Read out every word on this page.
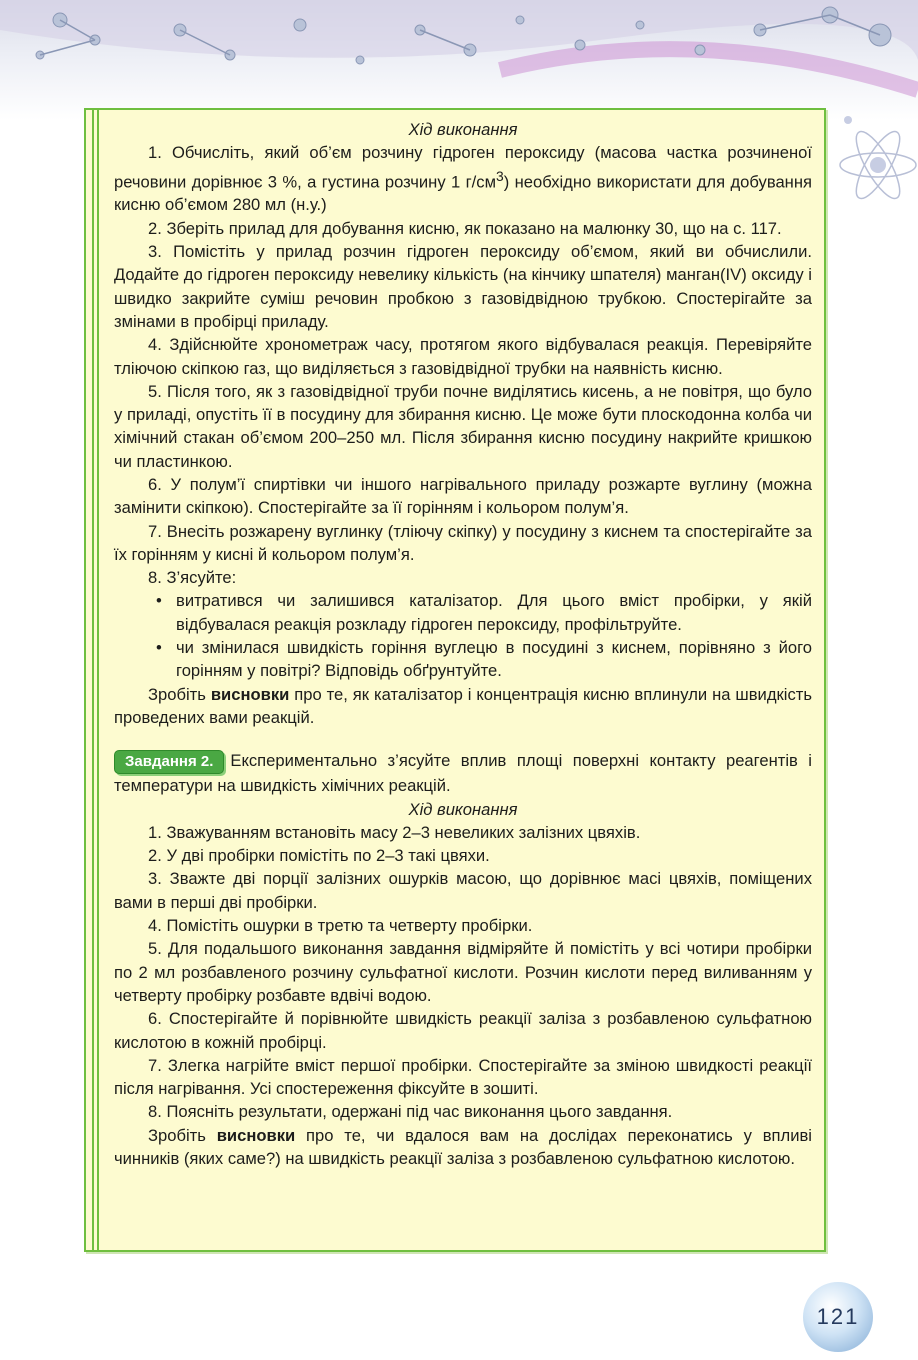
Хід виконання

1. Обчисліть, який об’єм розчину гідроген пероксиду (масова частка розчиненої речовини дорівнює 3 %, а густина розчину 1 $г/см^3$) необхідно використати для добування кисню об’ємом 280 мл (н.у.)

2. Зберіть прилад для добування кисню, як показано на малюнку 30, що на с. 117.

3. Помістіть у прилад розчин гідроген пероксиду об’ємом, який ви обчислили. Додайте до гідроген пероксиду невелику кількість (на кінчику шпателя) манган(IV) оксиду і швидко закрийте суміш речовин пробкою з газовідвідною трубкою. Спостерігайте за змінами в пробірці приладу.

4. Здійснюйте хронометраж часу, протягом якого відбувалася реакція. Перевіряйте тліючою скіпкою газ, що виділяється з газовідвідної трубки на наявність кисню.

5. Після того, як з газовідвідної труби почне виділятись кисень, а не повітря, що було у приладі, опустіть її в посудину для збирання кисню. Це може бути плоскодонна колба чи хімічний стакан об’ємом 200–250 мл. Після збирання кисню посудину накрийте кришкою чи пластинкою.

6. У полум’ї спиртівки чи іншого нагрівального приладу розжарте вуглину (можна замінити скіпкою). Спостерігайте за її горінням і кольором полум’я.

7. Внесіть розжарену вуглинку (тліючу скіпку) у посудину з киснем та спостерігайте за їх горінням у кисні й кольором полум’я.

8. З’ясуйте:

• витратився чи залишився каталізатор. Для цього вміст пробірки, у якій відбувалася реакція розкладу гідроген пероксиду, профільтруйте.

• чи змінилася швидкість горіння вуглецю в посудині з киснем, порівняно з його горінням у повітрі? Відповідь обґрунтуйте.

Зробіть висновки про те, як каталізатор і концентрація кисню вплинули на швидкість проведених вами реакцій.

Завдання 2. Експериментально з’ясуйте вплив площі поверхні контакту реагентів і температури на швидкість хімічних реакцій.

Хід виконання

1. Зважуванням встановіть масу 2–3 невеликих залізних цвяхів.

2. У дві пробірки помістіть по 2–3 такі цвяхи.

3. Зважте дві порції залізних ошурків масою, що дорівнює масі цвяхів, поміщених вами в перші дві пробірки.

4. Помістіть ошурки в третю та четверту пробірки.

5. Для подальшого виконання завдання відміряйте й помістіть у всі чотири пробірки по 2 мл розбавленого розчину сульфатної кислоти. Розчин кислоти перед виливанням у четверту пробірку розбавте вдвічі водою.

6. Спостерігайте й порівнюйте швидкість реакції заліза з розбавленою сульфатною кислотою в кожній пробірці.

7. Злегка нагрійте вміст першої пробірки. Спостерігайте за зміною швидкості реакції після нагрівання. Усі спостереження фіксуйте в зошиті.

8. Поясніть результати, одержані під час виконання цього завдання.

Зробіть висновки про те, чи вдалося вам на дослідах переконатись у впливі чинників (яких саме?) на швидкість реакції заліза з розбавленою сульфатною кислотою.

121
